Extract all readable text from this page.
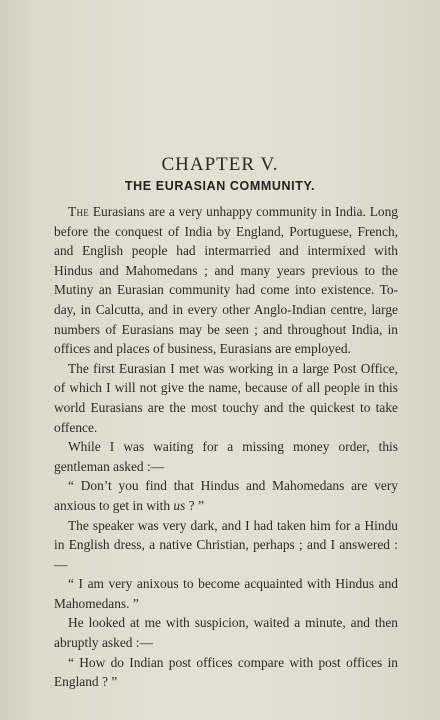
CHAPTER V.
THE EURASIAN COMMUNITY.

The Eurasians are a very unhappy community in India. Long before the conquest of India by England, Portuguese, French, and English people had intermarried and intermixed with Hindus and Mahomedans ; and many years previous to the Mutiny an Eurasian community had come into existence. To-day, in Calcutta, and in every other Anglo-Indian centre, large numbers of Eurasians may be seen ; and throughout India, in offices and places of business, Eurasians are employed.

The first Eurasian I met was working in a large Post Office, of which I will not give the name, because of all people in this world Eurasians are the most touchy and the quickest to take offence.

While I was waiting for a missing money order, this gentleman asked :—

“ Don’t you find that Hindus and Mahomedans are very anxious to get in with us ? ”

The speaker was very dark, and I had taken him for a Hindu in English dress, a native Christian, perhaps ; and I answered :—

“ I am very anixous to become acquainted with Hindus and Mahomedans. ”

He looked at me with suspicion, waited a minute, and then abruptly asked :—

“ How do Indian post offices compare with post offices in England ? ”
